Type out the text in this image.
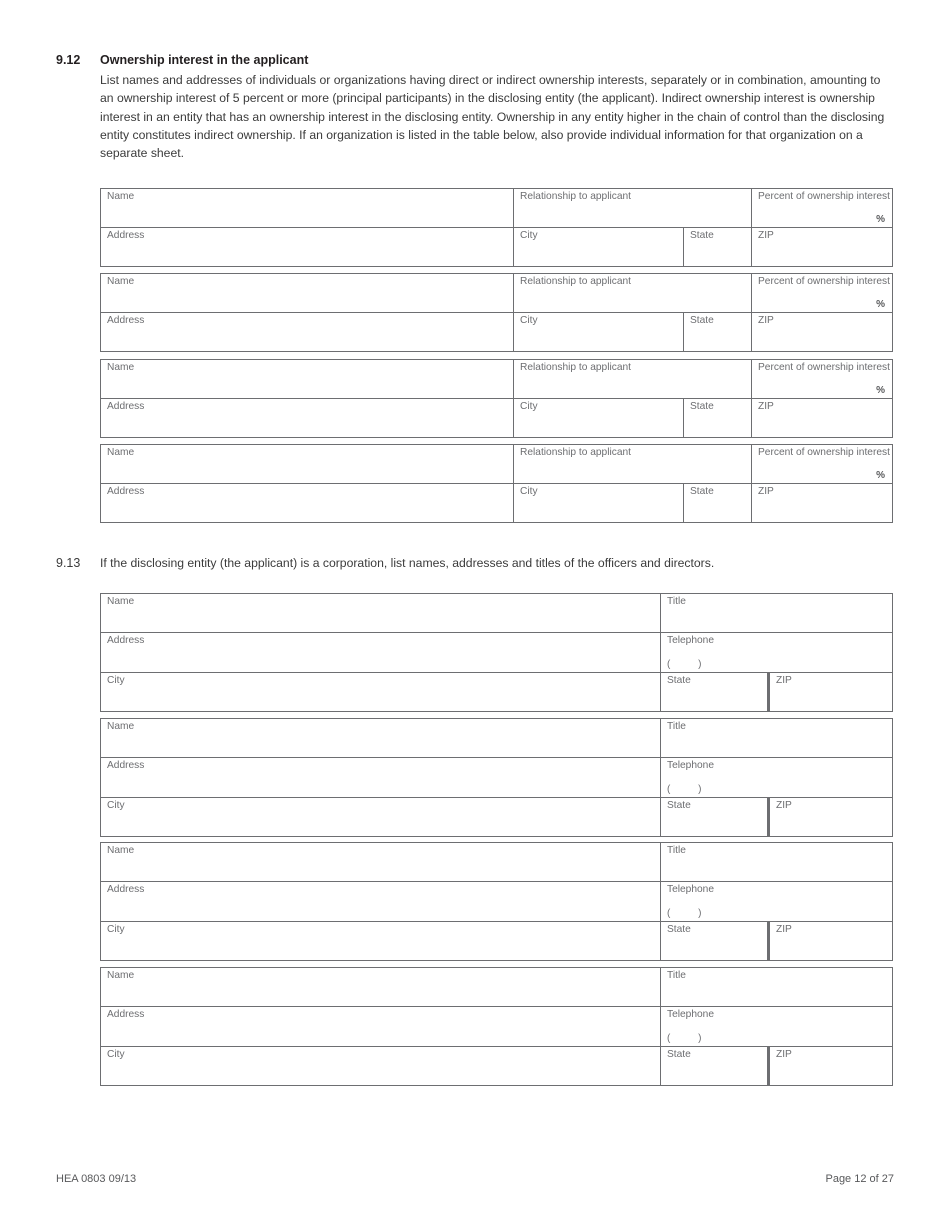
9.12 Ownership interest in the applicant
List names and addresses of individuals or organizations having direct or indirect ownership interests, separately or in combination, amounting to an ownership interest of 5 percent or more (principal participants) in the disclosing entity (the applicant). Indirect ownership interest is ownership interest in an entity that has an ownership interest in the disclosing entity. Ownership in any entity higher in the chain of control than the disclosing entity constitutes indirect ownership. If an organization is listed in the table below, also provide individual information for that organization on a separate sheet.
Name	Relationship to applicant	Percent of ownership interest
%
Address	City	State	ZIP
Name	Relationship to applicant	Percent of ownership interest
%
Address	City	State	ZIP
Name	Relationship to applicant	Percent of ownership interest
%
Address	City	State	ZIP
Name	Relationship to applicant	Percent of ownership interest
%
Address	City	State	ZIP
9.13 If the disclosing entity (the applicant) is a corporation, list names, addresses and titles of the officers and directors.
Name	Title
Address	Telephone
(          )
City	State	ZIP
Name	Title
Address	Telephone
(          )
City	State	ZIP
Name	Title
Address	Telephone
(          )
City	State	ZIP
Name	Title
Address	Telephone
(          )
City	State	ZIP
HEA 0803 09/13	Page 12 of 27
